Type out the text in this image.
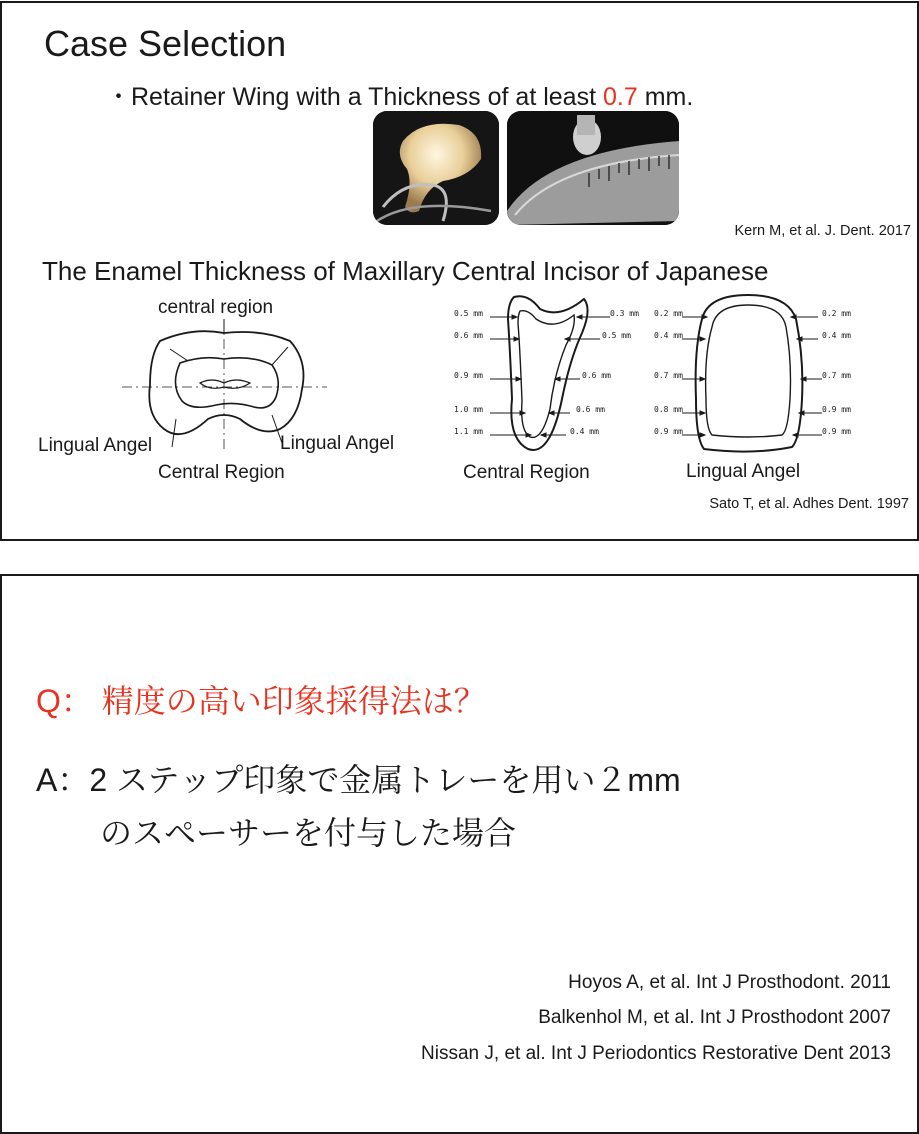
Case Selection
・Retainer Wing with a Thickness of at least 0.7 mm.
Kern M, et al. J. Dent. 2017
The Enamel Thickness of Maxillary Central Incisor of Japanese
central region
Lingual Angel	Lingual Angel
Central Region
0.5 mm
0.6 mm
0.9 mm
1.0 mm
1.1 mm
0.3 mm
0.5 mm
0.6 mm
0.6 mm
0.4 mm
0.2 mm
0.4 mm
0.7 mm
0.8 mm
0.9 mm
0.2 mm
0.4 mm
0.7 mm
0.9 mm
0.9 mm
Central Region	Lingual Angel
Sato T, et al. Adhes Dent. 1997
Q： 精度の高い印象採得法は？
A：2 ステップ印象で金属トレーを用い２mm
のスペーサーを付与した場合
Hoyos A, et al. Int J Prosthodont. 2011
Balkenhol M, et al. Int J Prosthodont 2007
Nissan J, et al. Int J Periodontics Restorative Dent 2013
